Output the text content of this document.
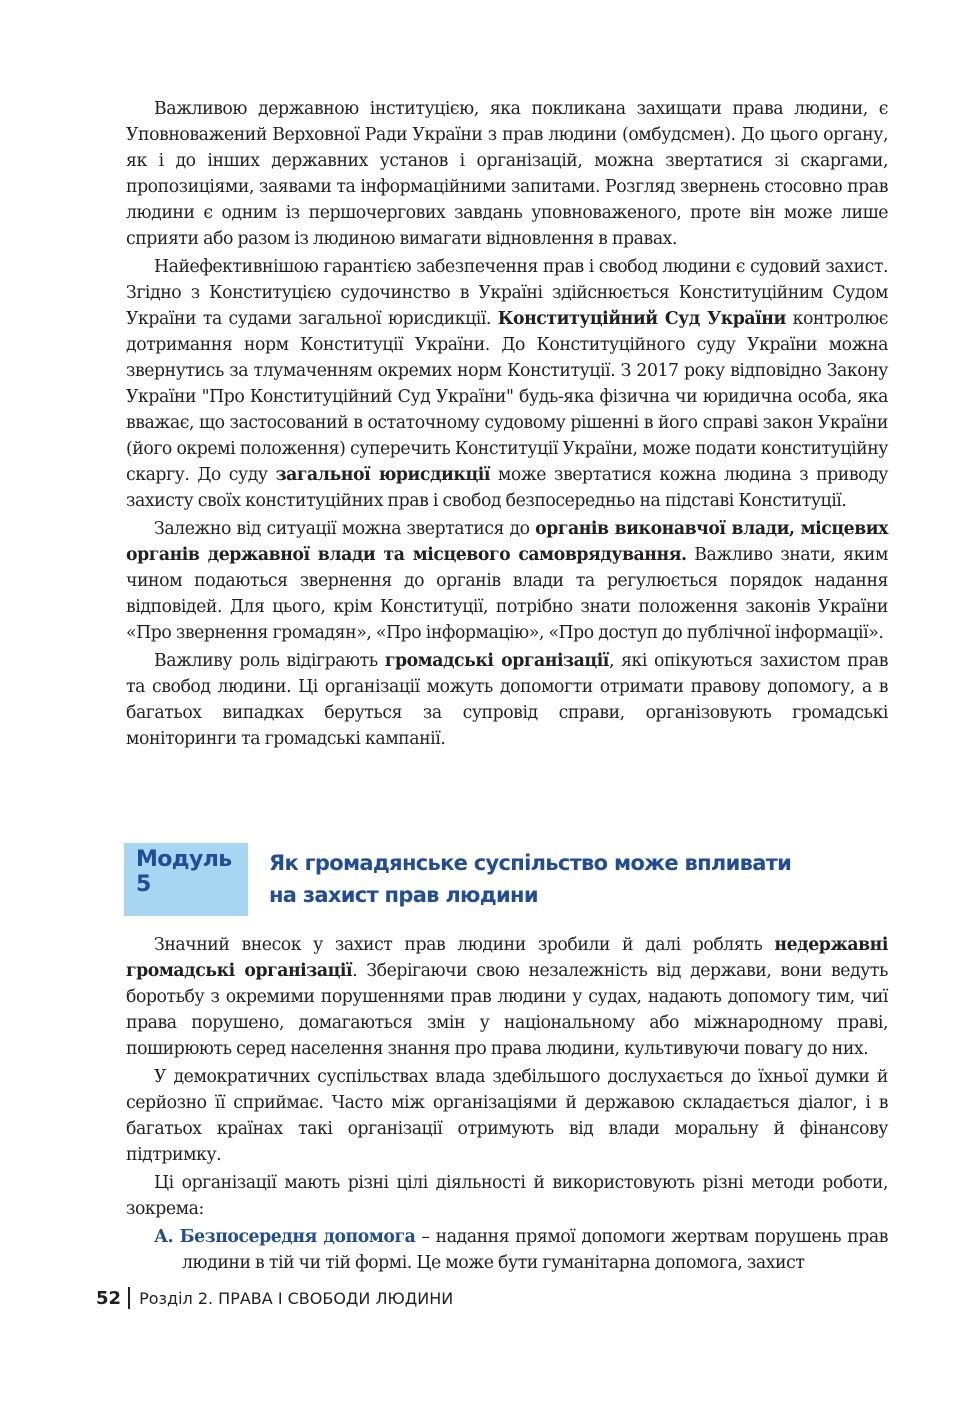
Важливою державною інституцією, яка покликана захищати права людини, є Уповноважений Верховної Ради України з прав людини (омбудсмен). До цього органу, як і до інших державних установ і організацій, можна звертатися зі скаргами, пропозиціями, заявами та інформаційними запитами. Розгляд звернень стосовно прав людини є одним із першочергових завдань уповноваженого, проте він може лише сприяти або разом із людиною вимагати відновлення в правах.

Найефективнішою гарантією забезпечення прав і свобод людини є судовий захист. Згідно з Конституцією судочинство в Україні здійснюється Конституційним Судом України та судами загальної юрисдикції. Конституційний Суд України контролює дотримання норм Конституції України. До Конституційного суду України можна звернутись за тлумаченням окремих норм Конституції. З 2017 року відповідно Закону України "Про Конституційний Суд України" будь-яка фізична чи юридична особа, яка вважає, що застосований в остаточному судовому рішенні в його справі закон України (його окремі положення) суперечить Конституції України, може подати конституційну скаргу. До суду загальної юрисдикції може звертатися кожна людина з приводу захисту своїх конституційних прав і свобод безпосередньо на підставі Конституції.

Залежно від ситуації можна звертатися до органів виконавчої влади, місцевих органів державної влади та місцевого самоврядування. Важливо знати, яким чином подаються звернення до органів влади та регулюється порядок надання відповідей. Для цього, крім Конституції, потрібно знати положення законів України «Про звернення громадян», «Про інформацію», «Про доступ до публічної інформації».

Важливу роль відіграють громадські організації, які опікуються захистом прав та свобод людини. Ці організації можуть допомогти отримати правову допомогу, а в багатьох випадках беруться за супровід справи, організовують громадські моніторинги та громадські кампанії.

Модуль 5
Як громадянське суспільство може впливати
на захист прав людини

Значний внесок у захист прав людини зробили й далі роблять недержавні громадські організації. Зберігаючи свою незалежність від держави, вони ведуть боротьбу з окремими порушеннями прав людини у судах, надають допомогу тим, чиї права порушено, домагаються змін у національному або міжнародному праві, поширюють серед населення знання про права людини, культивуючи повагу до них.

У демократичних суспільствах влада здебільшого дослухається до їхньої думки й серйозно її сприймає. Часто між організаціями й державою складається діалог, і в багатьох країнах такі організації отримують від влади моральну й фінансову підтримку.

Ці організації мають різні цілі діяльності й використовують різні методи роботи, зокрема:

А. Безпосередня допомога – надання прямої допомоги жертвам порушень прав людини в тій чи тій формі. Це може бути гуманітарна допомога, захист

52 Розділ 2. ПРАВА І СВОБОДИ ЛЮДИНИ
